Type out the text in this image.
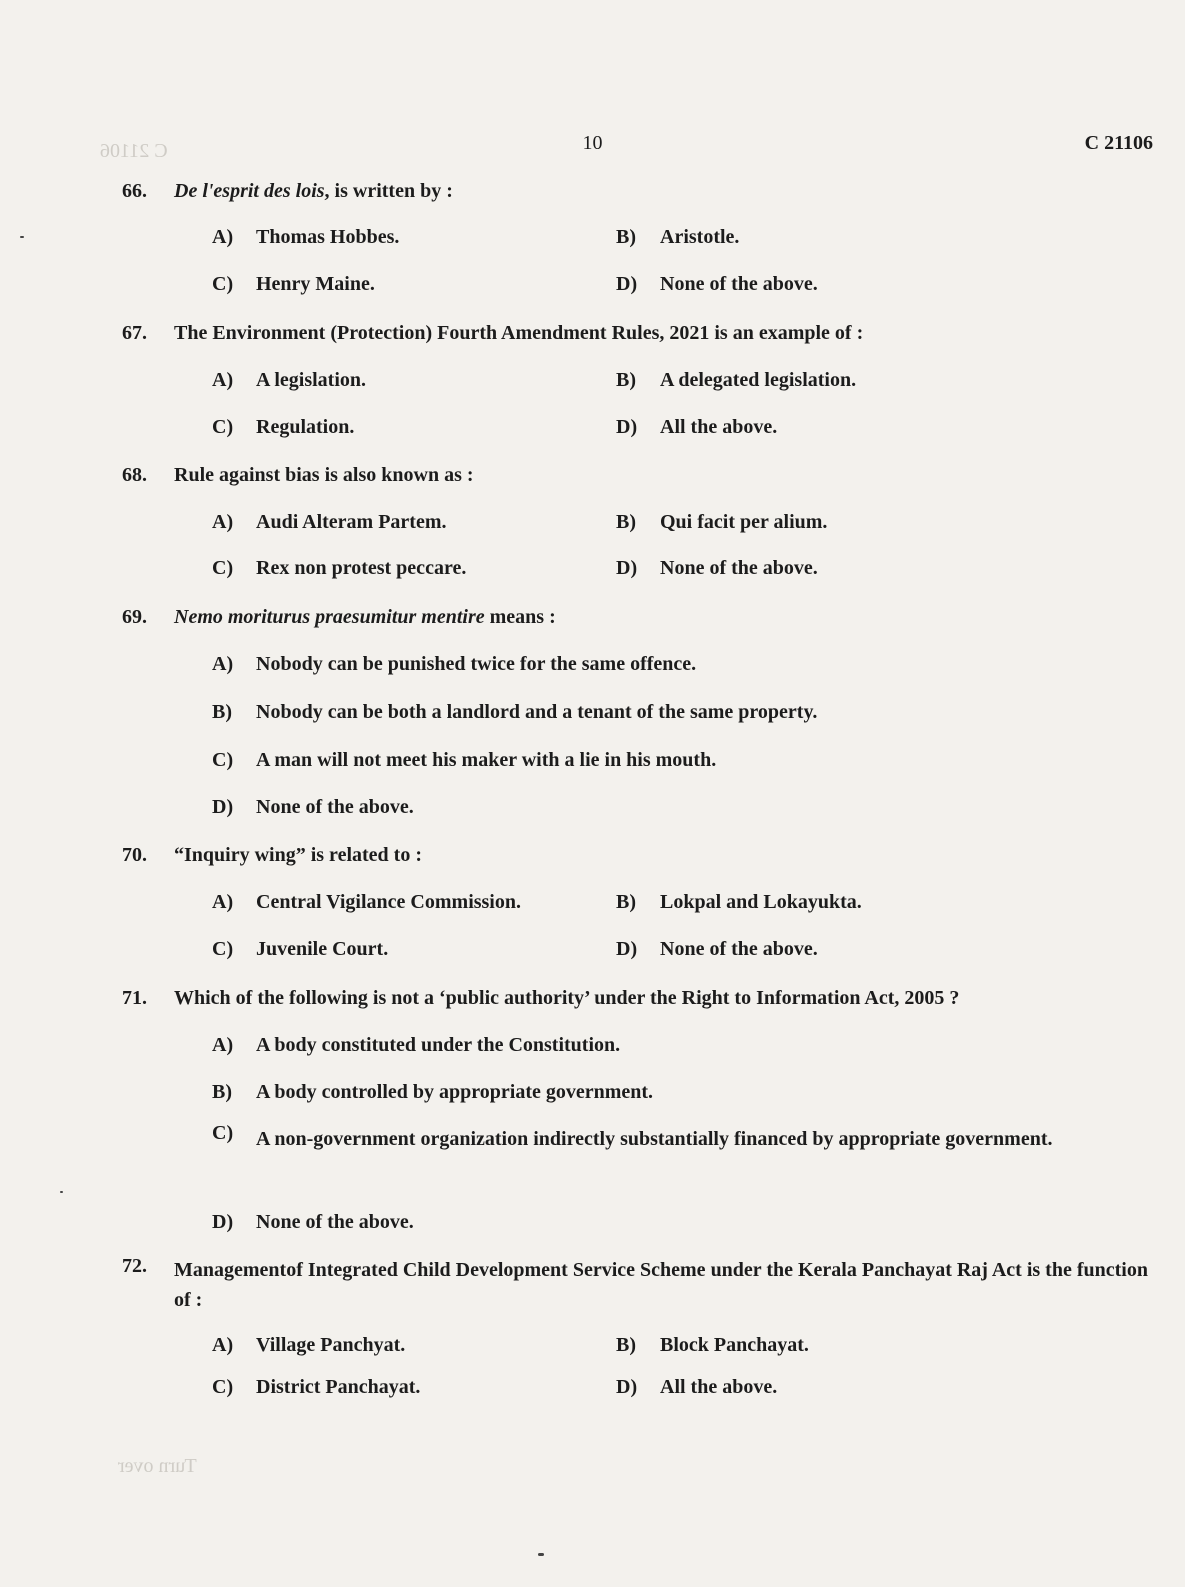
C 21106
Turn over
10	C 21106
66. De l'esprit des lois, is written by :
A) Thomas Hobbes.	B) Aristotle.
C) Henry Maine.	D) None of the above.
67. The Environment (Protection) Fourth Amendment Rules, 2021 is an example of :
A) A legislation.	B) A delegated legislation.
C) Regulation.	D) All the above.
68. Rule against bias is also known as :
A) Audi Alteram Partem.	B) Qui facit per alium.
C) Rex non protest peccare.	D) None of the above.
69. Nemo moriturus praesumitur mentire means :
A) Nobody can be punished twice for the same offence.
B) Nobody can be both a landlord and a tenant of the same property.
C) A man will not meet his maker with a lie in his mouth.
D) None of the above.
70. “Inquiry wing” is related to :
A) Central Vigilance Commission.	B) Lokpal and Lokayukta.
C) Juvenile Court.	D) None of the above.
71. Which of the following is not a ‘public authority’ under the Right to Information Act, 2005 ?
A) A body constituted under the Constitution.
B) A body controlled by appropriate government.
C) A non-government organization indirectly substantially financed by appropriate government.
D) None of the above.
72. Managementof Integrated Child Development Service Scheme under the Kerala Panchayat Raj Act is the function of :
A) Village Panchyat.	B) Block Panchayat.
C) District Panchayat.	D) All the above.
